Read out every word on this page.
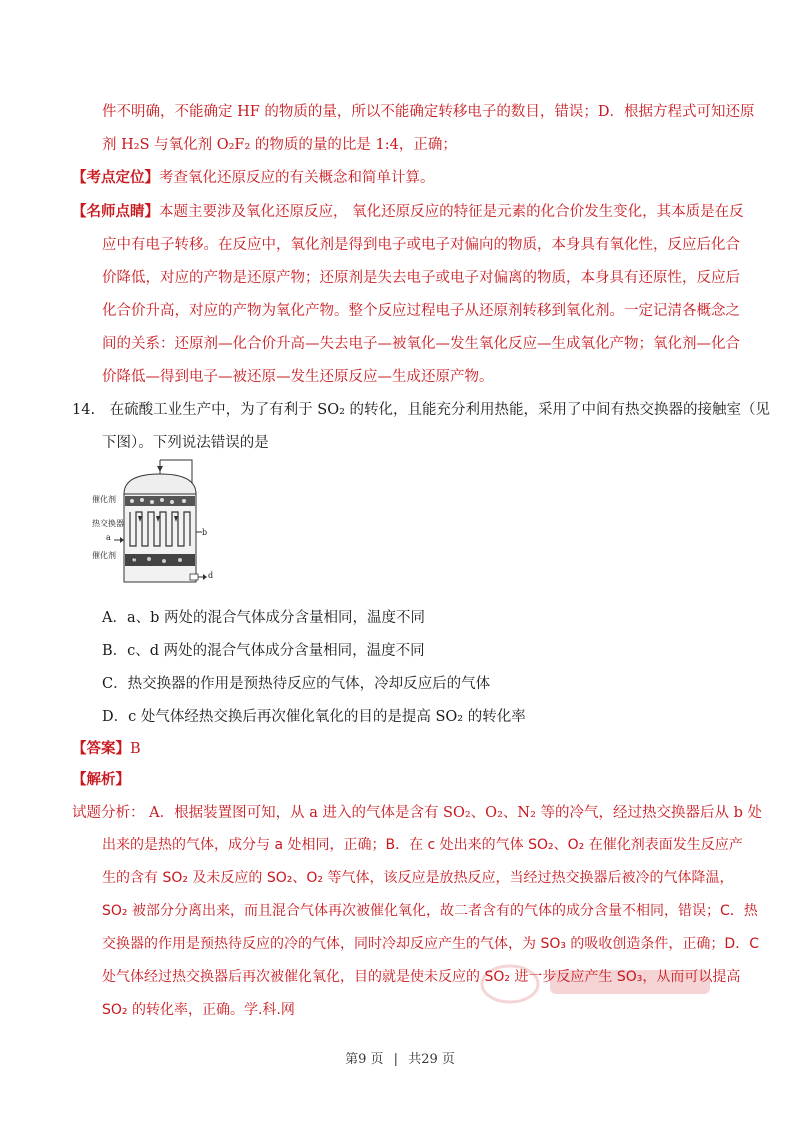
件不明确，不能确定 HF 的物质的量，所以不能确定转移电子的数目，错误；D．根据方程式可知还原
剂 H₂S 与氧化剂 O₂F₂ 的物质的量的比是 1:4，正确；
【考点定位】考查氧化还原反应的有关概念和简单计算。
【名师点睛】本题主要涉及氧化还原反应， 氧化还原反应的特征是元素的化合价发生变化，其本质是在反
应中有电子转移。在反应中，氧化剂是得到电子或电子对偏向的物质，本身具有氧化性，反应后化合
价降低，对应的产物是还原产物；还原剂是失去电子或电子对偏离的物质，本身具有还原性，反应后
化合价升高，对应的产物为氧化产物。整个反应过程电子从还原剂转移到氧化剂。一定记清各概念之
间的关系：还原剂—化合价升高—失去电子—被氧化—发生氧化反应—生成氧化产物；氧化剂—化合
价降低—得到电子—被还原—发生还原反应—生成还原产物。
14. 在硫酸工业生产中，为了有利于 SO₂ 的转化，且能充分利用热能，采用了中间有热交换器的接触室（见
下图）。下列说法错误的是
催化剂
热交换器
a
催化剂
b
c
d
A．a、b 两处的混合气体成分含量相同，温度不同
B．c、d 两处的混合气体成分含量相同，温度不同
C．热交换器的作用是预热待反应的气体，冷却反应后的气体
D．c 处气体经热交换后再次催化氧化的目的是提高 SO₂ 的转化率
【答案】B
【解析】
试题分析： A．根据装置图可知，从 a 进入的气体是含有 SO₂、O₂、N₂ 等的冷气，经过热交换器后从 b 处
出来的是热的气体，成分与 a 处相同，正确；B．在 c 处出来的气体 SO₂、O₂ 在催化剂表面发生反应产
生的含有 SO₂ 及未反应的 SO₂、O₂ 等气体，该反应是放热反应，当经过热交换器后被冷的气体降温，
SO₂ 被部分分离出来，而且混合气体再次被催化氧化，故二者含有的气体的成分含量不相同，错误；C．热
交换器的作用是预热待反应的冷的气体，同时冷却反应产生的气体，为 SO₃ 的吸收创造条件，正确；D．C
处气体经过热交换器后再次被催化氧化，目的就是使未反应的 SO₂ 进一步反应产生 SO₃，从而可以提高
SO₂ 的转化率，正确。学.科.网
第9 页 | 共29 页
